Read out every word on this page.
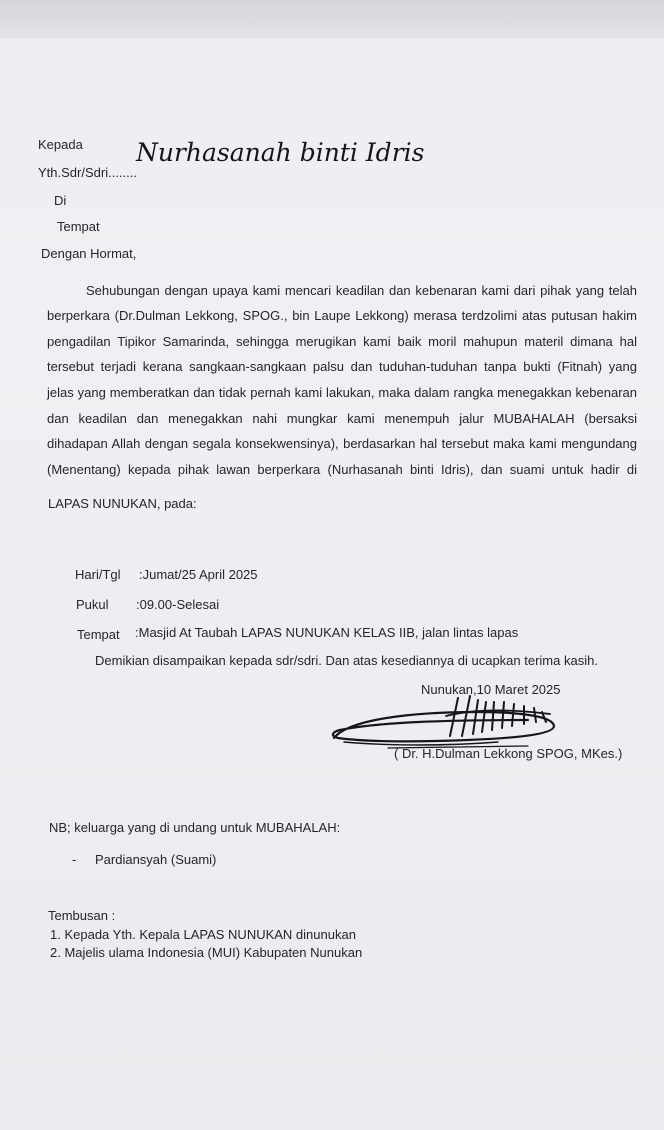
Kepada
Yth.Sdr/Sdri........
Nurhasanah binti Idris
Di
Tempat
Dengan Hormat,
Sehubungan dengan upaya kami mencari keadilan dan kebenaran kami dari pihak yang telah
berperkara (Dr.Dulman Lekkong, SPOG., bin Laupe Lekkong) merasa terdzolimi atas putusan hakim
pengadilan Tipikor Samarinda, sehingga merugikan kami baik moril mahupun materil dimana hal
tersebut terjadi kerana sangkaan-sangkaan palsu dan tuduhan-tuduhan tanpa bukti (Fitnah) yang
jelas yang memberatkan dan tidak pernah kami lakukan, maka dalam rangka menegakkan kebenaran
dan keadilan dan menegakkan nahi mungkar kami menempuh jalur MUBAHALAH (bersaksi
dihadapan Allah dengan segala konsekwensinya), berdasarkan hal tersebut maka kami mengundang
(Menentang) kepada pihak lawan berperkara (Nurhasanah binti Idris), dan suami untuk hadir di
LAPAS NUNUKAN, pada:
Hari/Tgl :Jumat/25 April 2025
Pukul :09.00-Selesai
Tempat :Masjid At Taubah LAPAS NUNUKAN KELAS IIB, jalan lintas lapas
Demikian disampaikan kepada sdr/sdri. Dan atas kesediannya di ucapkan terima kasih.
Nunukan,10 Maret 2025
( Dr. H.Dulman Lekkong SPOG, MKes.)
NB; keluarga yang di undang untuk MUBAHALAH:
- Pardiansyah (Suami)
Tembusan :
1. Kepada Yth. Kepala LAPAS NUNUKAN dinunukan
2. Majelis ulama Indonesia (MUI) Kabupaten Nunukan
